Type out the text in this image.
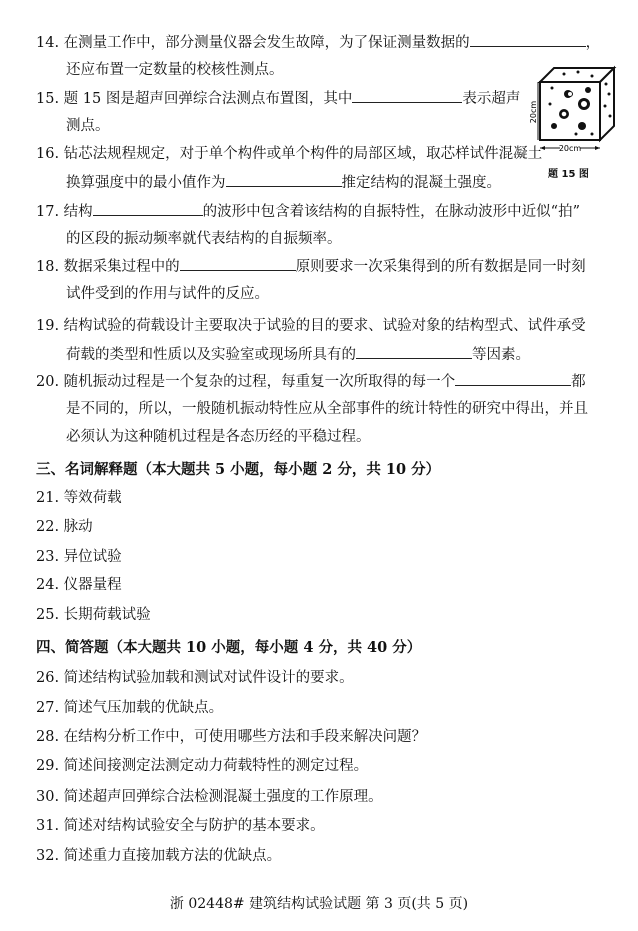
14. 在测量工作中，部分测量仪器会发生故障，为了保证测量数据的	，
还应布置一定数量的校核性测点。
15. 题 15 图是超声回弹综合法测点布置图，其中	表示超声
测点。
20cm
20cm
题 15 图
16. 钻芯法规程规定，对于单个构件或单个构件的局部区域，取芯样试件混凝土
换算强度中的最小值作为	推定结构的混凝土强度。
17. 结构	的波形中包含着该结构的自振特性，在脉动波形中近似“拍”
的区段的振动频率就代表结构的自振频率。
18. 数据采集过程中的	原则要求一次采集得到的所有数据是同一时刻
试件受到的作用与试件的反应。
19. 结构试验的荷载设计主要取决于试验的目的要求、试验对象的结构型式、试件承受
荷载的类型和性质以及实验室或现场所具有的	等因素。
20. 随机振动过程是一个复杂的过程，每重复一次所取得的每一个	都
是不同的，所以，一般随机振动特性应从全部事件的统计特性的研究中得出，并且
必须认为这种随机过程是各态历经的平稳过程。
三、名词解释题（本大题共 5 小题，每小题 2 分，共 10 分）
21. 等效荷载
22. 脉动
23. 异位试验
24. 仪器量程
25. 长期荷载试验
四、简答题（本大题共 10 小题，每小题 4 分，共 40 分）
26. 简述结构试验加载和测试对试件设计的要求。
27. 简述气压加载的优缺点。
28. 在结构分析工作中，可使用哪些方法和手段来解决问题？
29. 简述间接测定法测定动力荷载特性的测定过程。
30. 简述超声回弹综合法检测混凝土强度的工作原理。
31. 简述对结构试验安全与防护的基本要求。
32. 简述重力直接加载方法的优缺点。
浙 02448# 建筑结构试验试题 第 3 页(共 5 页)
